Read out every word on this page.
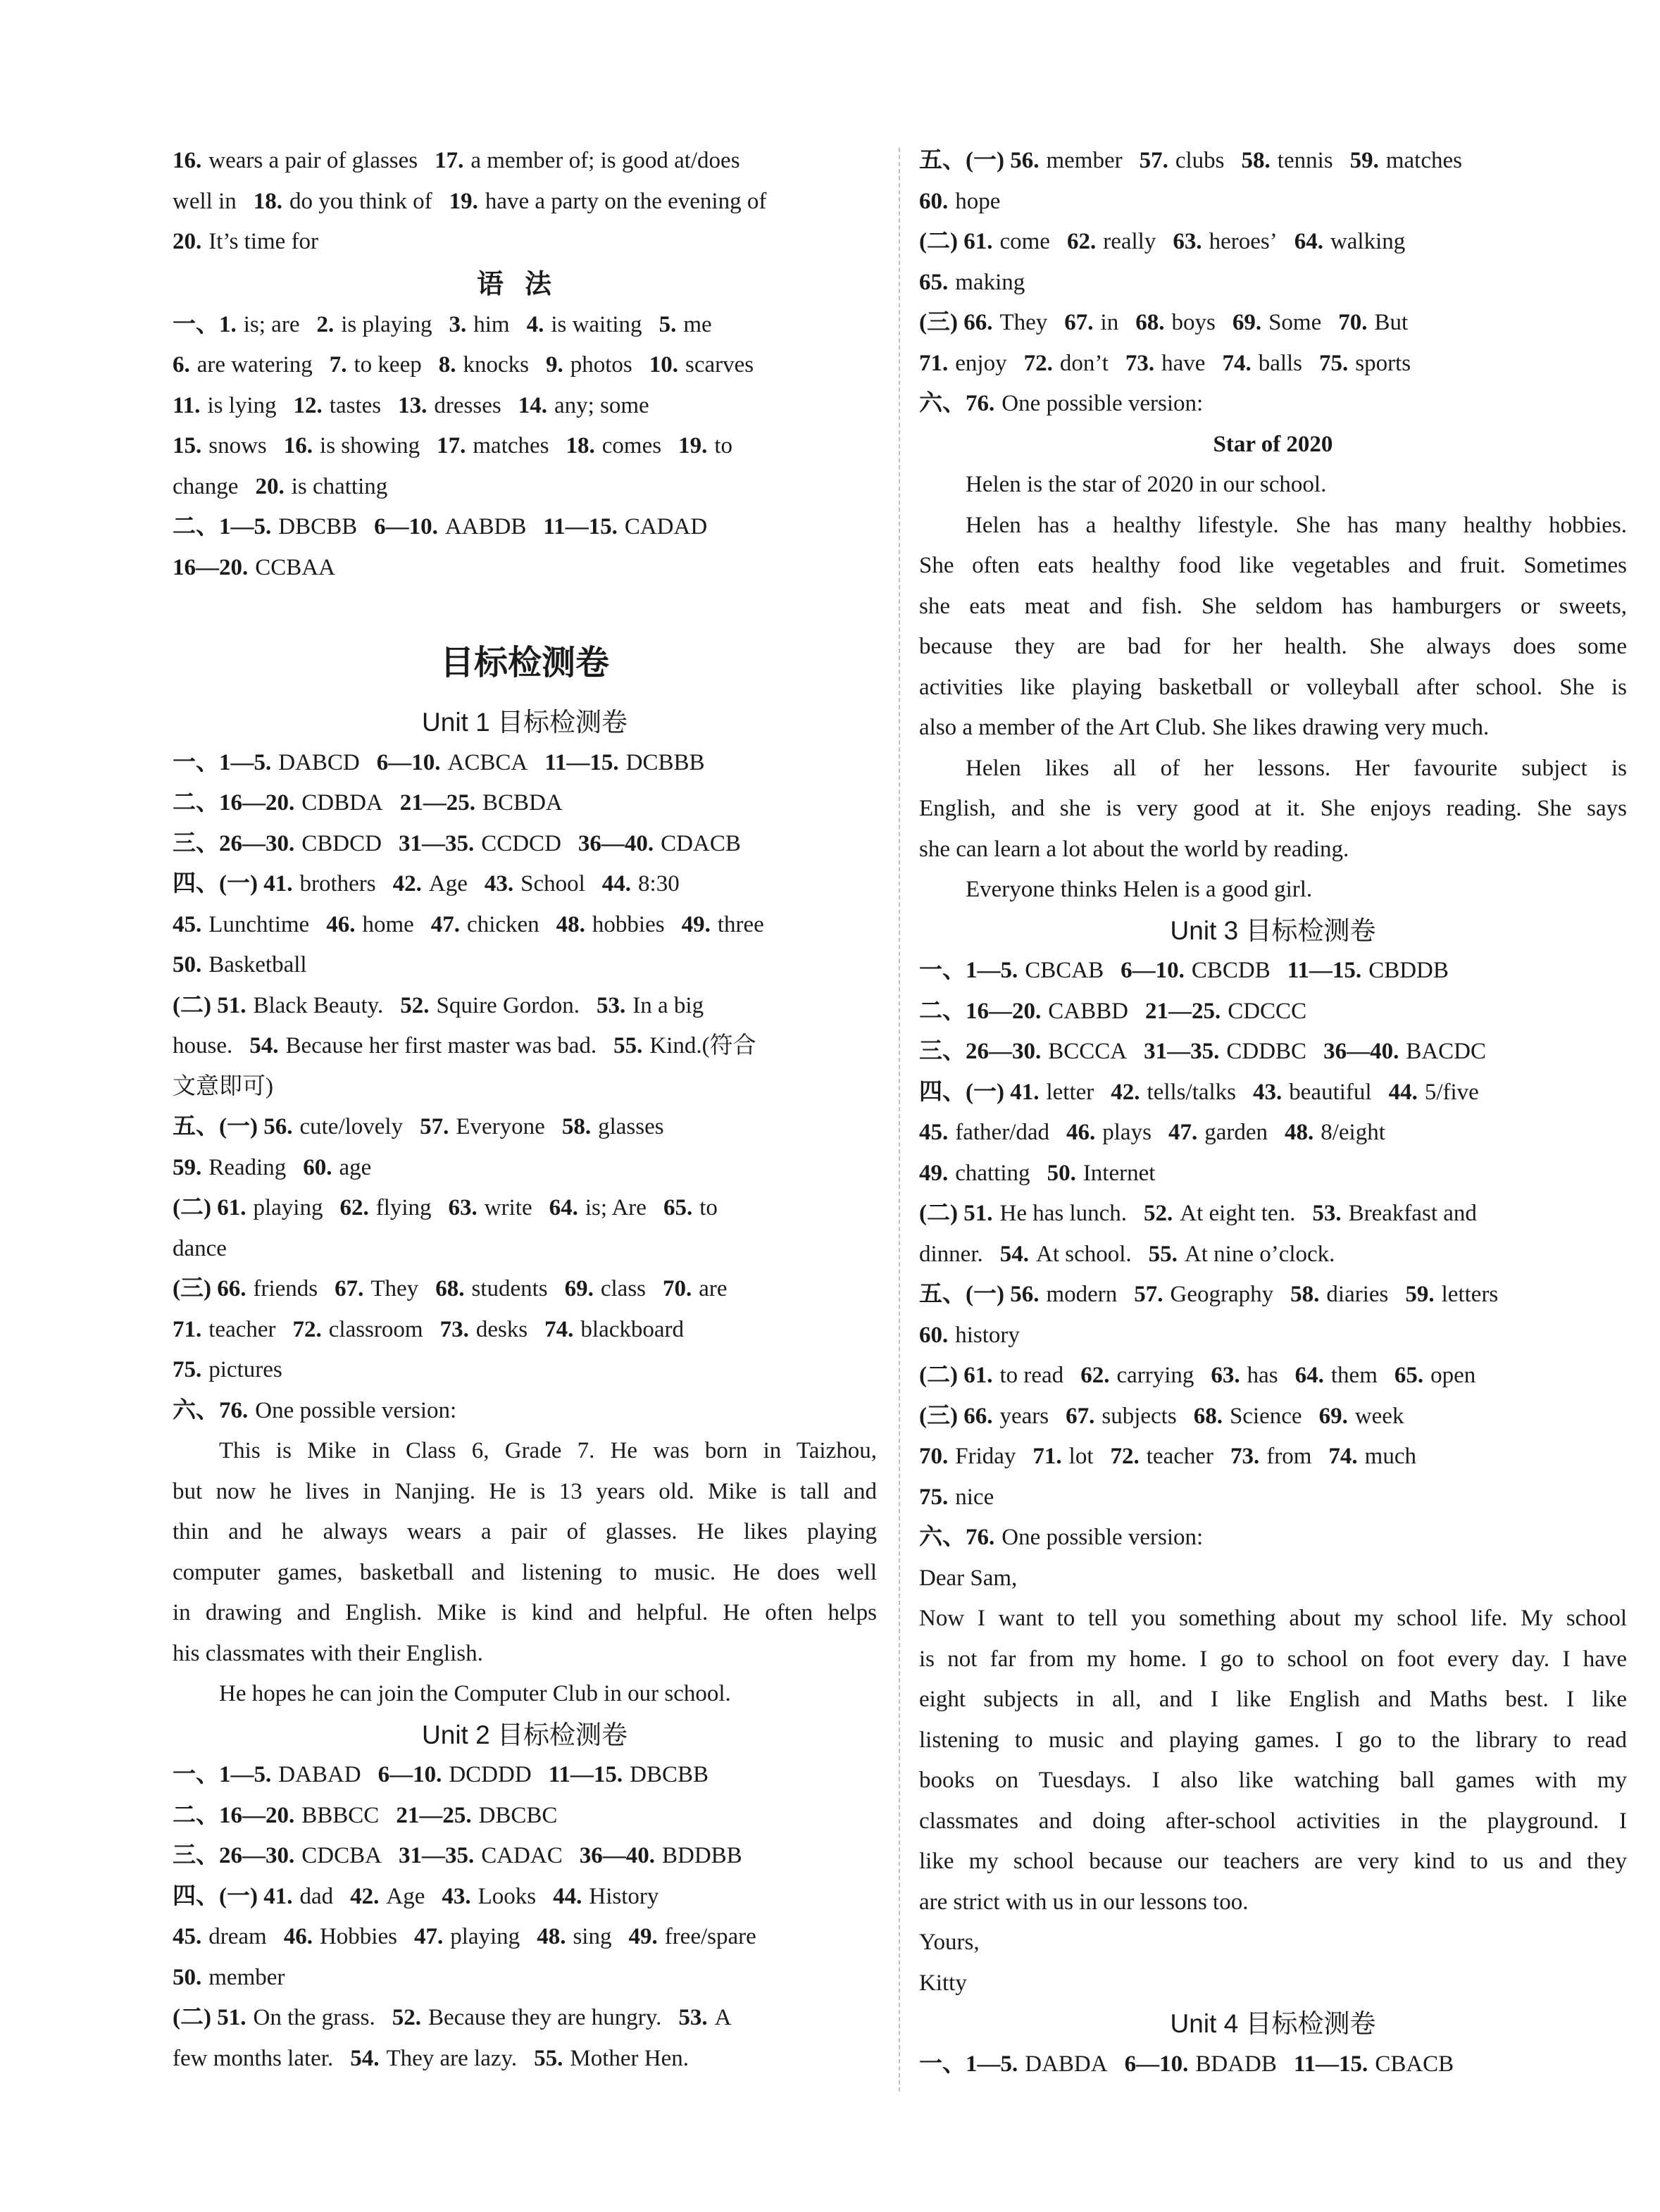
16. wears a pair of glasses 17. a member of; is good at/does
well in 18. do you think of 19. have a party on the evening of
20. It’s time for
语法
一、1. is; are 2. is playing 3. him 4. is waiting 5. me
6. are watering 7. to keep 8. knocks 9. photos 10. scarves
11. is lying 12. tastes 13. dresses 14. any; some
15. snows 16. is showing 17. matches 18. comes 19. to
change 20. is chatting
二、1—5. DBCBB 6—10. AABDB 11—15. CADAD
16—20. CCBAA
目标检测卷
Unit 1 目标检测卷
一、1—5. DABCD 6—10. ACBCA 11—15. DCBBB
二、16—20. CDBDA 21—25. BCBDA
三、26—30. CBDCD 31—35. CCDCD 36—40. CDACB
四、(一) 41. brothers 42. Age 43. School 44. 8:30
45. Lunchtime 46. home 47. chicken 48. hobbies 49. three
50. Basketball
(二) 51. Black Beauty. 52. Squire Gordon. 53. In a big
house. 54. Because her first master was bad. 55. Kind.(符合
文意即可)
五、(一) 56. cute/lovely 57. Everyone 58. glasses
59. Reading 60. age
(二) 61. playing 62. flying 63. write 64. is; Are 65. to
dance
(三) 66. friends 67. They 68. students 69. class 70. are
71. teacher 72. classroom 73. desks 74. blackboard
75. pictures
六、76. One possible version:
This is Mike in Class 6, Grade 7. He was born in Taizhou,
but now he lives in Nanjing. He is 13 years old. Mike is tall and
thin and he always wears a pair of glasses. He likes playing
computer games, basketball and listening to music. He does well
in drawing and English. Mike is kind and helpful. He often helps
his classmates with their English.
He hopes he can join the Computer Club in our school.
Unit 2 目标检测卷
一、1—5. DABAD 6—10. DCDDD 11—15. DBCBB
二、16—20. BBBCC 21—25. DBCBC
三、26—30. CDCBA 31—35. CADAC 36—40. BDDBB
四、(一) 41. dad 42. Age 43. Looks 44. History
45. dream 46. Hobbies 47. playing 48. sing 49. free/spare
50. member
(二) 51. On the grass. 52. Because they are hungry. 53. A
few months later. 54. They are lazy. 55. Mother Hen.
五、(一) 56. member 57. clubs 58. tennis 59. matches
60. hope
(二) 61. come 62. really 63. heroes’ 64. walking
65. making
(三) 66. They 67. in 68. boys 69. Some 70. But
71. enjoy 72. don’t 73. have 74. balls 75. sports
六、76. One possible version:
Star of 2020
Helen is the star of 2020 in our school.
Helen has a healthy lifestyle. She has many healthy hobbies.
She often eats healthy food like vegetables and fruit. Sometimes
she eats meat and fish. She seldom has hamburgers or sweets,
because they are bad for her health. She always does some
activities like playing basketball or volleyball after school. She is
also a member of the Art Club. She likes drawing very much.
Helen likes all of her lessons. Her favourite subject is
English, and she is very good at it. She enjoys reading. She says
she can learn a lot about the world by reading.
Everyone thinks Helen is a good girl.
Unit 3 目标检测卷
一、1—5. CBCAB 6—10. CBCDB 11—15. CBDDB
二、16—20. CABBD 21—25. CDCCC
三、26—30. BCCCA 31—35. CDDBC 36—40. BACDC
四、(一) 41. letter 42. tells/talks 43. beautiful 44. 5/five
45. father/dad 46. plays 47. garden 48. 8/eight
49. chatting 50. Internet
(二) 51. He has lunch. 52. At eight ten. 53. Breakfast and
dinner. 54. At school. 55. At nine o’clock.
五、(一) 56. modern 57. Geography 58. diaries 59. letters
60. history
(二) 61. to read 62. carrying 63. has 64. them 65. open
(三) 66. years 67. subjects 68. Science 69. week
70. Friday 71. lot 72. teacher 73. from 74. much
75. nice
六、76. One possible version:
Dear Sam,
Now I want to tell you something about my school life. My school
is not far from my home. I go to school on foot every day. I have
eight subjects in all, and I like English and Maths best. I like
listening to music and playing games. I go to the library to read
books on Tuesdays. I also like watching ball games with my
classmates and doing after-school activities in the playground. I
like my school because our teachers are very kind to us and they
are strict with us in our lessons too.
Yours,
Kitty
Unit 4 目标检测卷
一、1—5. DABDA 6—10. BDADB 11—15. CBACB
